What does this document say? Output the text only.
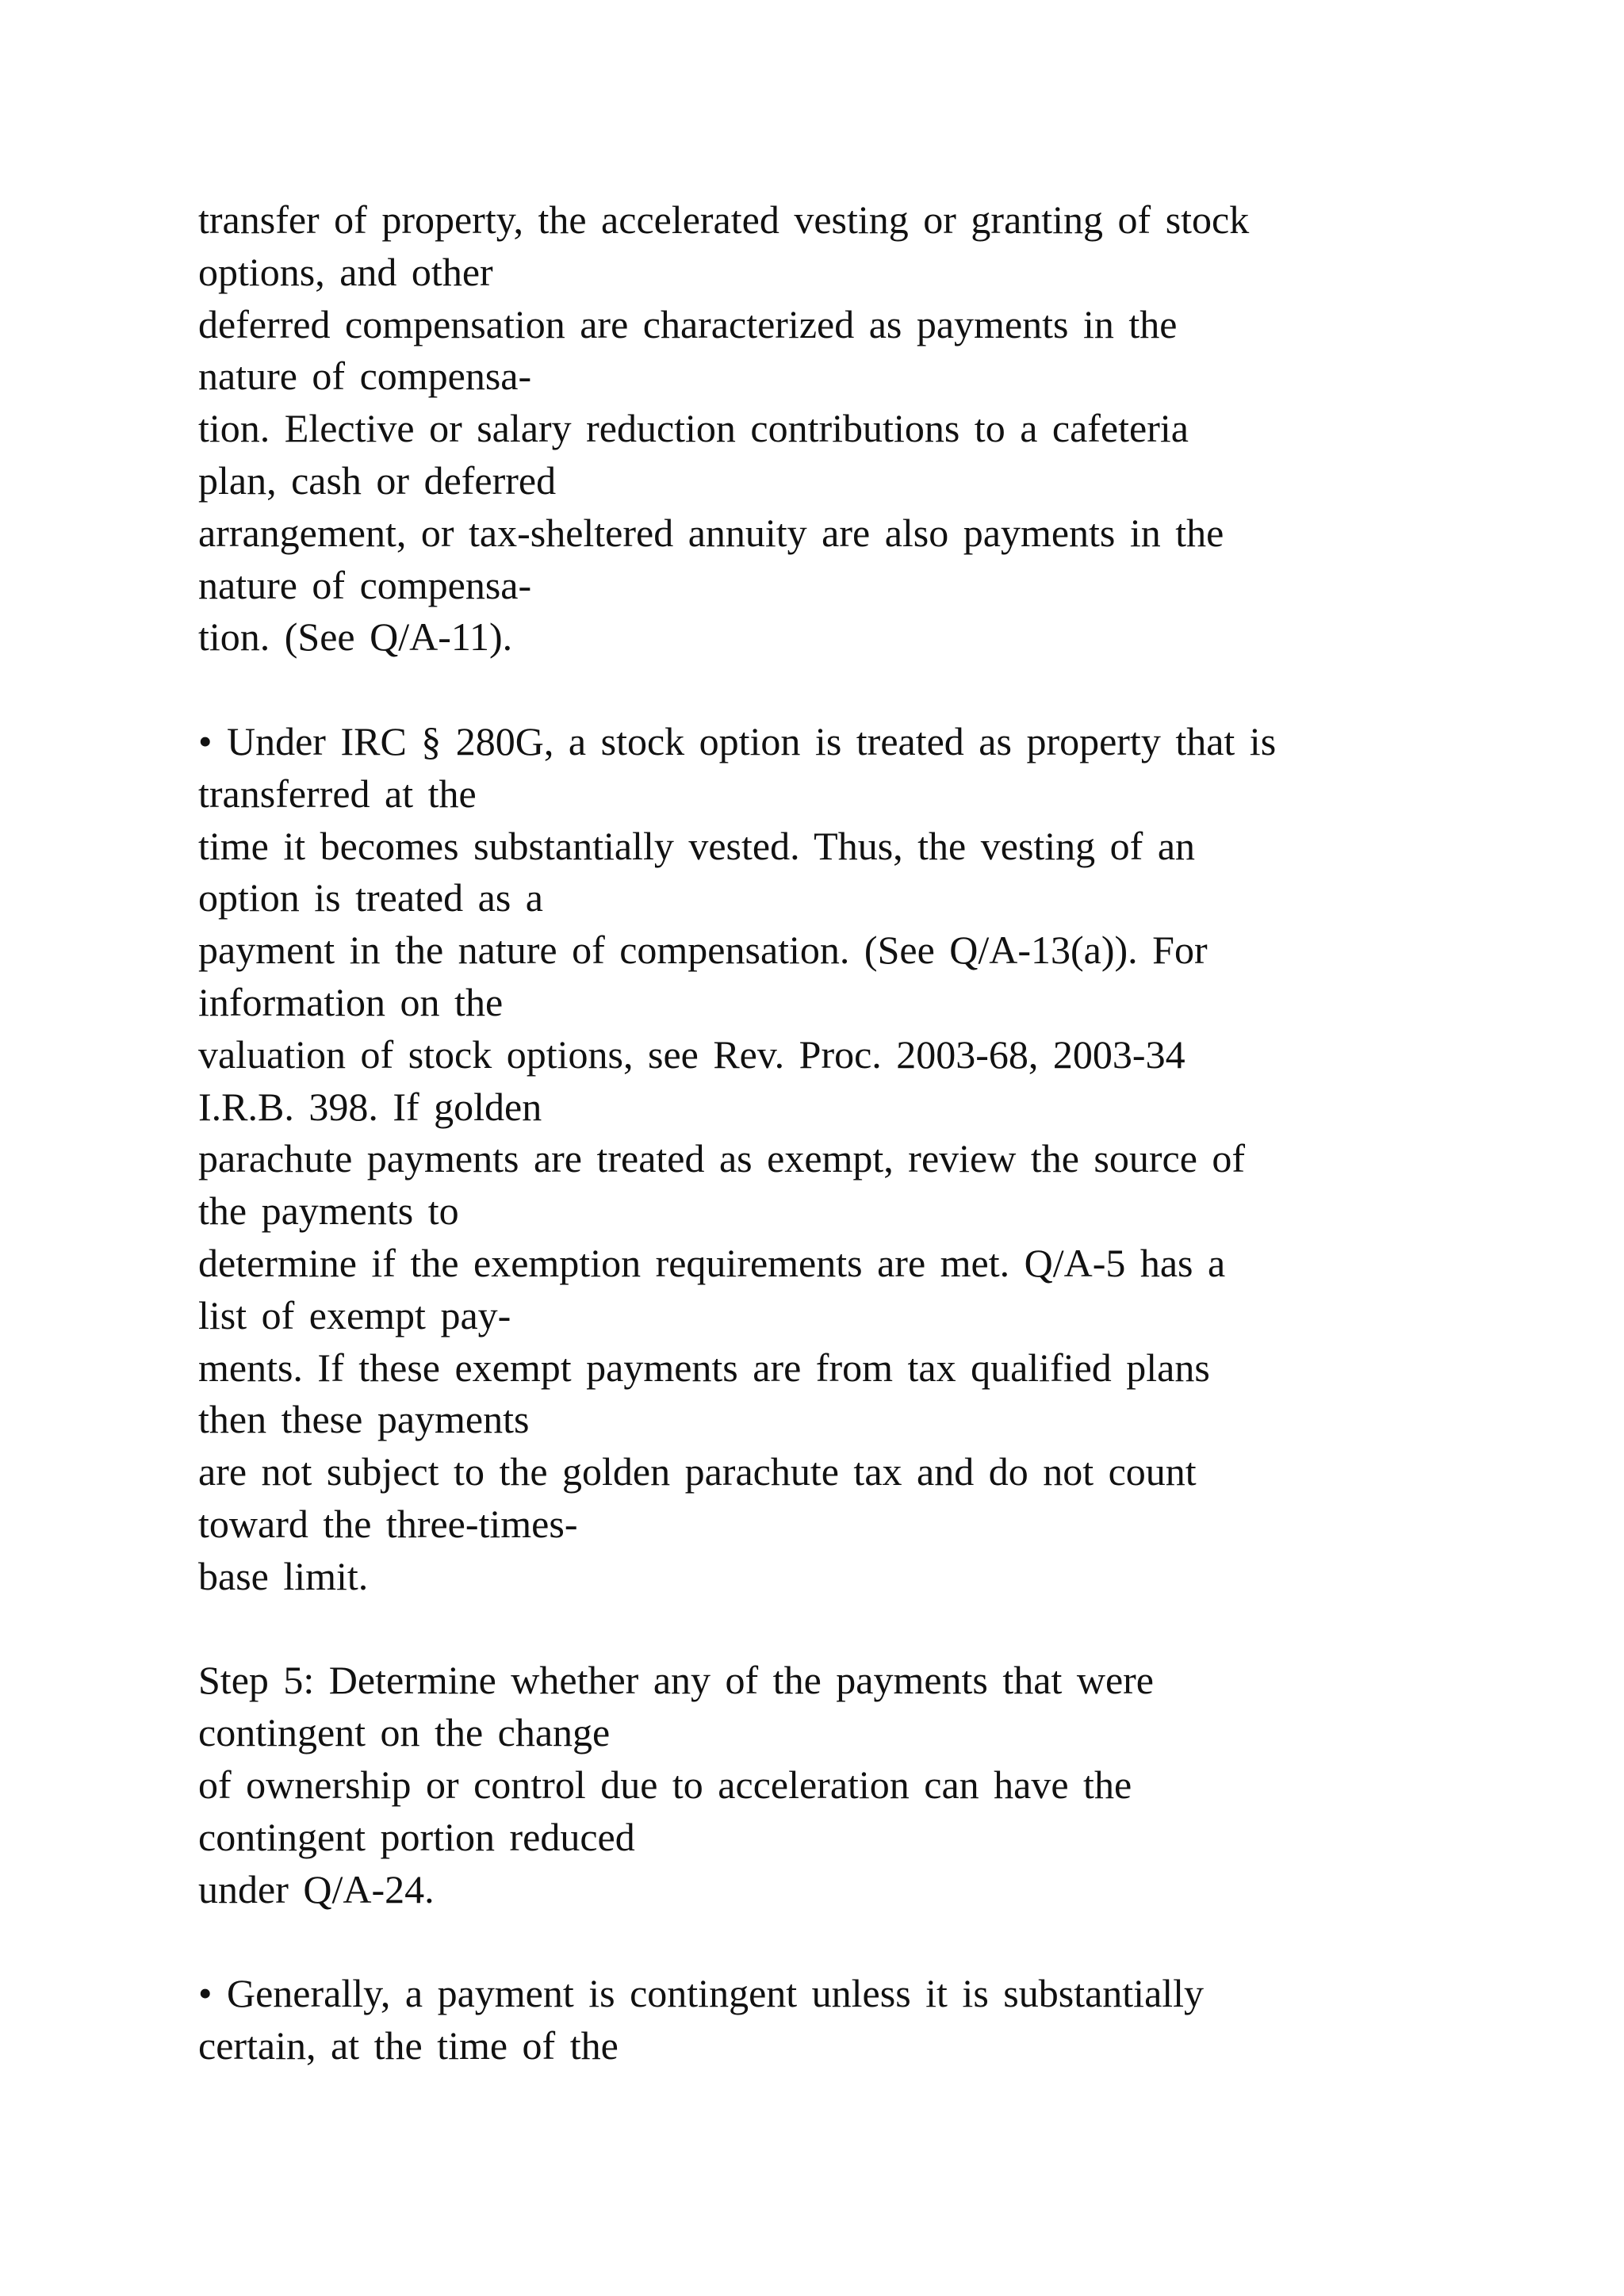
transfer of property, the accelerated vesting or granting of stock
options, and other
deferred compensation are characterized as payments in the
nature of compensa-
tion. Elective or salary reduction contributions to a cafeteria
plan, cash or deferred
arrangement, or tax-sheltered annuity are also payments in the
nature of compensa-
tion. (See Q/A-11).
• Under IRC § 280G, a stock option is treated as property that is
transferred at the
time it becomes substantially vested. Thus, the vesting of an
option is treated as a
payment in the nature of compensation. (See Q/A-13(a)). For
information on the
valuation of stock options, see Rev. Proc. 2003-68, 2003-34
I.R.B. 398. If golden
parachute payments are treated as exempt, review the source of
the payments to
determine if the exemption requirements are met. Q/A-5 has a
list of exempt pay-
ments. If these exempt payments are from tax qualified plans
then these payments
are not subject to the golden parachute tax and do not count
toward the three-times-
base limit.
Step 5: Determine whether any of the payments that were
contingent on the change
of ownership or control due to acceleration can have the
contingent portion reduced
under Q/A-24.
• Generally, a payment is contingent unless it is substantially
certain, at the time of the
